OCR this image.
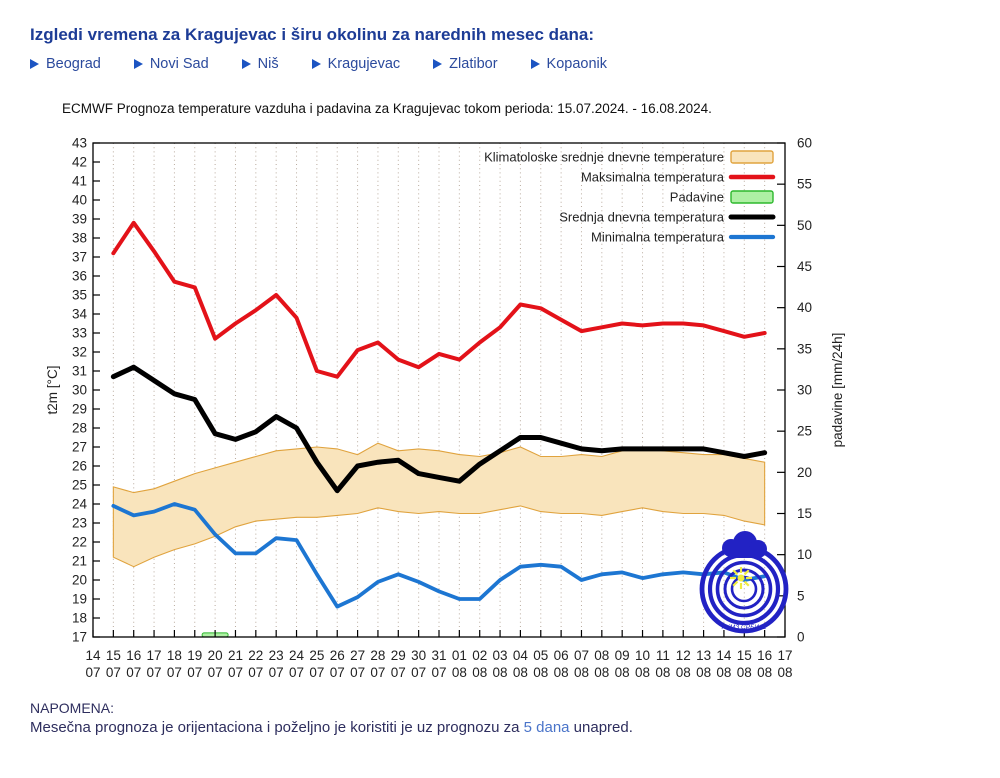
Izgledi vremena za Kragujevac i širu okolinu za narednih mesec dana:
Beograd	Novi Sad	Niš	Kragujevac	Zlatibor	Kopaonik
ECMWF Prognoza temperature vazduha i padavina za Kragujevac tokom perioda: 15.07.2024. - 16.08.2024.
17
18
19
20
21
22
23
24
25
26
27
28
29
30
31
32
33
34
35
36
37
38
39
40
41
42
43
0
5
10
15
20
25
30
35
40
45
50
55
60
14
07
15
07
16
07
17
07
18
07
19
07
20
07
21
07
22
07
23
07
24
07
25
07
26
07
27
07
28
07
29
07
30
07
31
07
01
08
02
08
03
08
04
08
05
08
06
08
07
08
08
08
09
08
10
08
11
08
12
08
13
08
14
08
15
08
16
08
17
08
t2m [°C]	padavine [mm/24h]
Klimatoloske srednje dnevne temperature
Maksimalna temperatura
Padavine
Srednja dnevna temperatura
Minimalna temperatura
РХМЗ СРБИЈЕ
NAPOMENA:

Mesečna prognoza je orijentaciona i poželjno je koristiti je uz prognozu za 5 dana unapred.
